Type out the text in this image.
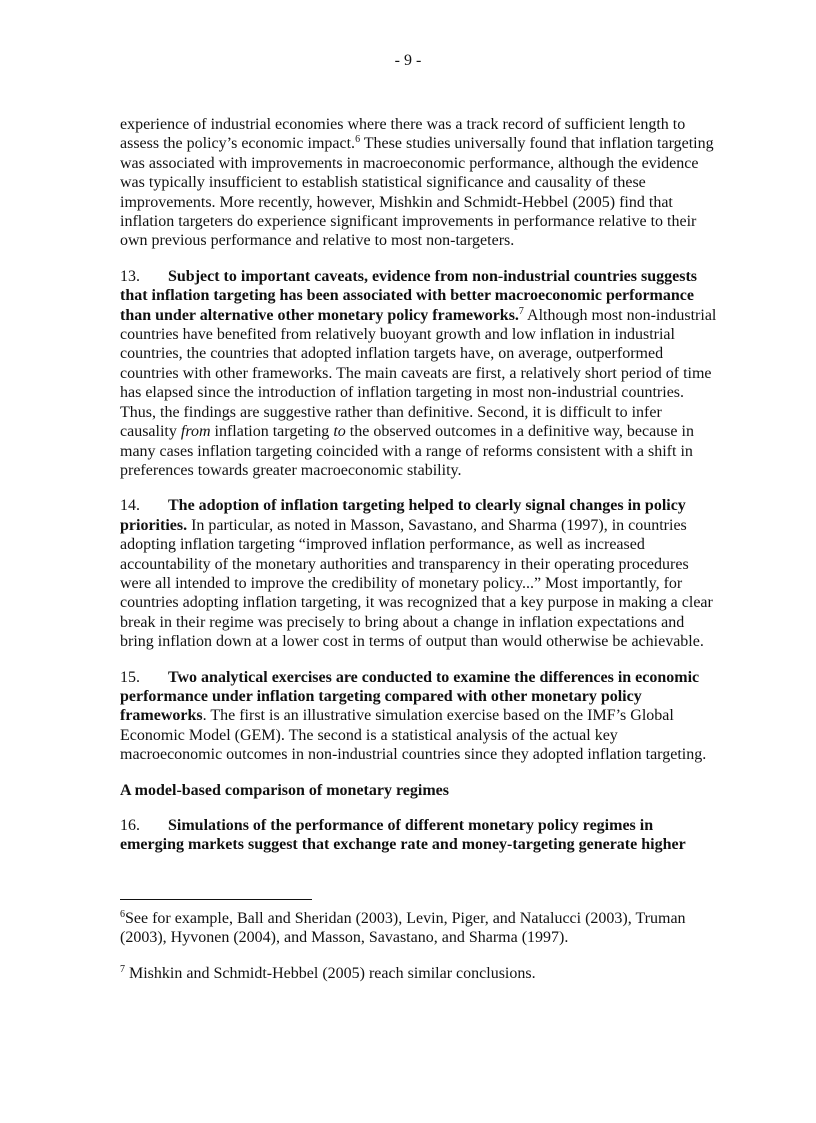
- 9 -

experience of industrial economies where there was a track record of sufficient length to assess the policy’s economic impact.$^6$ These studies universally found that inflation targeting was associated with improvements in macroeconomic performance, although the evidence was typically insufficient to establish statistical significance and causality of these improvements. More recently, however, Mishkin and Schmidt-Hebbel (2005) find that inflation targeters do experience significant improvements in performance relative to their own previous performance and relative to most non-targeters.

13. Subject to important caveats, evidence from non-industrial countries suggests that inflation targeting has been associated with better macroeconomic performance than under alternative other monetary policy frameworks.$^7$ Although most non-industrial countries have benefited from relatively buoyant growth and low inflation in industrial countries, the countries that adopted inflation targets have, on average, outperformed countries with other frameworks. The main caveats are first, a relatively short period of time has elapsed since the introduction of inflation targeting in most non-industrial countries. Thus, the findings are suggestive rather than definitive. Second, it is difficult to infer causality from inflation targeting to the observed outcomes in a definitive way, because in many cases inflation targeting coincided with a range of reforms consistent with a shift in preferences towards greater macroeconomic stability.

14. The adoption of inflation targeting helped to clearly signal changes in policy priorities. In particular, as noted in Masson, Savastano, and Sharma (1997), in countries adopting inflation targeting “improved inflation performance, as well as increased accountability of the monetary authorities and transparency in their operating procedures were all intended to improve the credibility of monetary policy...” Most importantly, for countries adopting inflation targeting, it was recognized that a key purpose in making a clear break in their regime was precisely to bring about a change in inflation expectations and bring inflation down at a lower cost in terms of output than would otherwise be achievable.

15. Two analytical exercises are conducted to examine the differences in economic performance under inflation targeting compared with other monetary policy frameworks. The first is an illustrative simulation exercise based on the IMF’s Global Economic Model (GEM). The second is a statistical analysis of the actual key macroeconomic outcomes in non-industrial countries since they adopted inflation targeting.

A model-based comparison of monetary regimes

16. Simulations of the performance of different monetary policy regimes in emerging markets suggest that exchange rate and money-targeting generate higher

$^6$See for example, Ball and Sheridan (2003), Levin, Piger, and Natalucci (2003), Truman (2003), Hyvonen (2004), and Masson, Savastano, and Sharma (1997).

$^7$ Mishkin and Schmidt-Hebbel (2005) reach similar conclusions.
